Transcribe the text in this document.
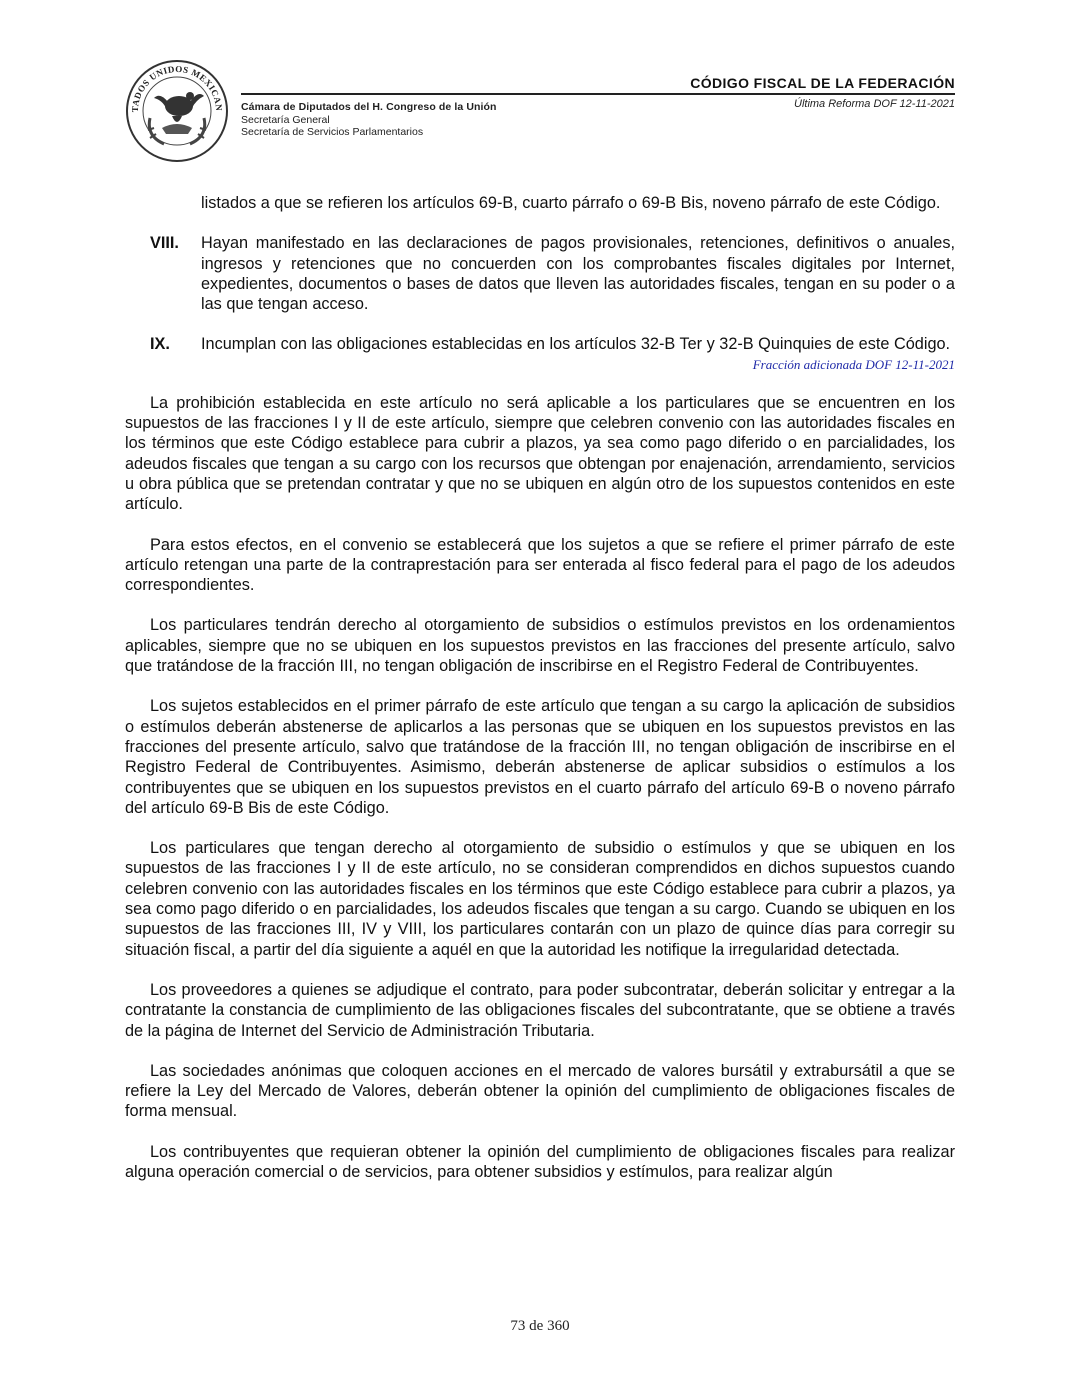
TADOS UNIDOS MEXICAN Cámara de Diputados del H. Congreso de la Unión
Secretaría General
Secretaría de Servicios Parlamentarios
CÓDIGO FISCAL DE LA FEDERACIÓN
Última Reforma DOF 12-11-2021

listados a que se refieren los artículos 69-B, cuarto párrafo o 69-B Bis, noveno párrafo de este Código.

VIII.	Hayan manifestado en las declaraciones de pagos provisionales, retenciones, definitivos o anuales, ingresos y retenciones que no concuerden con los comprobantes fiscales digitales por Internet, expedientes, documentos o bases de datos que lleven las autoridades fiscales, tengan en su poder o a las que tengan acceso.
IX.	Incumplan con las obligaciones establecidas en los artículos 32-B Ter y 32-B Quinquies de este Código.
Fracción adicionada DOF 12-11-2021

La prohibición establecida en este artículo no será aplicable a los particulares que se encuentren en los supuestos de las fracciones I y II de este artículo, siempre que celebren convenio con las autoridades fiscales en los términos que este Código establece para cubrir a plazos, ya sea como pago diferido o en parcialidades, los adeudos fiscales que tengan a su cargo con los recursos que obtengan por enajenación, arrendamiento, servicios u obra pública que se pretendan contratar y que no se ubiquen en algún otro de los supuestos contenidos en este artículo.

Para estos efectos, en el convenio se establecerá que los sujetos a que se refiere el primer párrafo de este artículo retengan una parte de la contraprestación para ser enterada al fisco federal para el pago de los adeudos correspondientes.

Los particulares tendrán derecho al otorgamiento de subsidios o estímulos previstos en los ordenamientos aplicables, siempre que no se ubiquen en los supuestos previstos en las fracciones del presente artículo, salvo que tratándose de la fracción III, no tengan obligación de inscribirse en el Registro Federal de Contribuyentes.

Los sujetos establecidos en el primer párrafo de este artículo que tengan a su cargo la aplicación de subsidios o estímulos deberán abstenerse de aplicarlos a las personas que se ubiquen en los supuestos previstos en las fracciones del presente artículo, salvo que tratándose de la fracción III, no tengan obligación de inscribirse en el Registro Federal de Contribuyentes. Asimismo, deberán abstenerse de aplicar subsidios o estímulos a los contribuyentes que se ubiquen en los supuestos previstos en el cuarto párrafo del artículo 69-B o noveno párrafo del artículo 69-B Bis de este Código.

Los particulares que tengan derecho al otorgamiento de subsidio o estímulos y que se ubiquen en los supuestos de las fracciones I y II de este artículo, no se consideran comprendidos en dichos supuestos cuando celebren convenio con las autoridades fiscales en los términos que este Código establece para cubrir a plazos, ya sea como pago diferido o en parcialidades, los adeudos fiscales que tengan a su cargo. Cuando se ubiquen en los supuestos de las fracciones III, IV y VIII, los particulares contarán con un plazo de quince días para corregir su situación fiscal, a partir del día siguiente a aquél en que la autoridad les notifique la irregularidad detectada.

Los proveedores a quienes se adjudique el contrato, para poder subcontratar, deberán solicitar y entregar a la contratante la constancia de cumplimiento de las obligaciones fiscales del subcontratante, que se obtiene a través de la página de Internet del Servicio de Administración Tributaria.

Las sociedades anónimas que coloquen acciones en el mercado de valores bursátil y extrabursátil a que se refiere la Ley del Mercado de Valores, deberán obtener la opinión del cumplimiento de obligaciones fiscales de forma mensual.

Los contribuyentes que requieran obtener la opinión del cumplimiento de obligaciones fiscales para realizar alguna operación comercial o de servicios, para obtener subsidios y estímulos, para realizar algún

73 de 360
